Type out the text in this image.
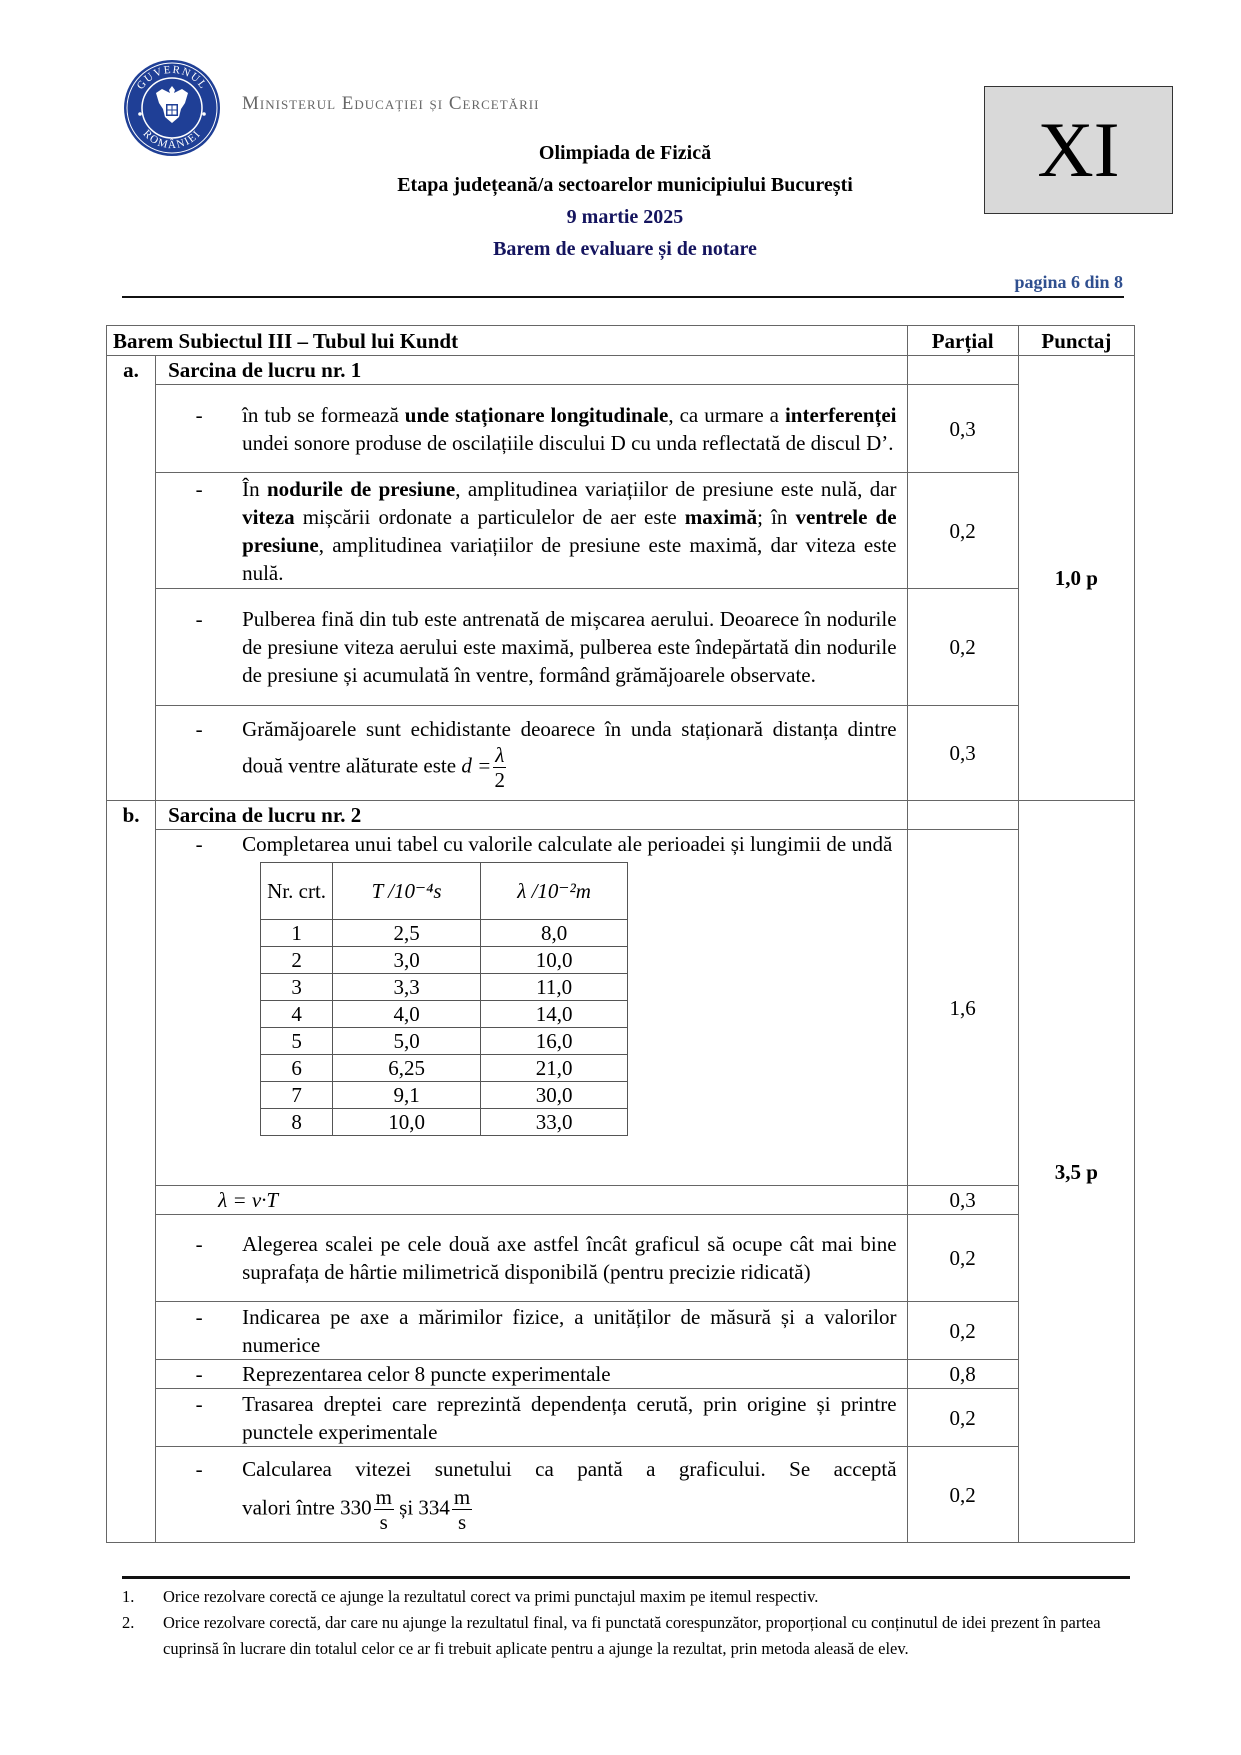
GUVERNUL
ROMÂNIEI
Ministerul Educației și Cercetării
Olimpiada de Fizică
Etapa județeană/a sectoarelor municipiului București
9 martie 2025
Barem de evaluare și de notare
XI
pagina 6 din 8
Barem Subiectul III – Tubul lui Kundt	Parțial	Punctaj
a.	Sarcina de lucru nr. 1		1,0 p

-	în tub se formează unde staționare longitudinale, ca urmare a interferenței undei sonore produse de oscilațiile discului D cu unda reflectată de discul D’.
	0,3

-	În nodurile de presiune, amplitudinea variațiilor de presiune este nulă, dar viteza mișcării ordonate a particulelor de aer este maximă; în ventrele de presiune, amplitudinea variațiilor de presiune este maximă, dar viteza este nulă.
	0,2

-	Pulberea fină din tub este antrenată de mișcarea aerului. Deoarece în nodurile de presiune viteza aerului este maximă, pulberea este îndepărtată din nodurile de presiune și acumulată în ventre, formând grămăjoarele observate.
	0,2

-	Grămăjoarele sunt echidistante deoarece în unda staționară distanța dintre două ventre alăturate este $d = \frac{\lambda}{2}$	0,3
b.	Sarcina de lucru nr. 2		3,5 p

-	Completarea unui tabel cu valorile calculate ale perioadei și lungimii de undă
Nr. crt.	T /10⁻⁴s	λ /10⁻²m
1	2,5	8,0
2	3,0	10,0
3	3,3	11,0
4	4,0	14,0
5	5,0	16,0
6	6,25	21,0
7	9,1	30,0
8	10,0	33,0
	1,6
λ = v·T	0,3

-	Alegerea scalei pe cele două axe astfel încât graficul să ocupe cât mai bine suprafața de hârtie milimetrică disponibilă (pentru precizie ridicată)
	0,2

-	Indicarea pe axe a mărimilor fizice, a unităților de măsură și a valorilor numerice
	0,2

-	Reprezentarea celor 8 puncte experimentale	0,8

-	Trasarea dreptei care reprezintă dependența cerută, prin origine și printre punctele experimentale
	0,2

-	Calcularea vitezei sunetului ca pantă a graficului. Se acceptă
valori între $330 \frac{m}{s}$ și $334 \frac{m}{s}$	0,2
1.	Orice rezolvare corectă ce ajunge la rezultatul corect va primi punctajul maxim pe itemul respectiv.
2.	Orice rezolvare corectă, dar care nu ajunge la rezultatul final, va fi punctată corespunzător, proporțional cu conținutul de idei prezent în partea cuprinsă în lucrare din totalul celor ce ar fi trebuit aplicate pentru a ajunge la rezultat, prin metoda aleasă de elev.
